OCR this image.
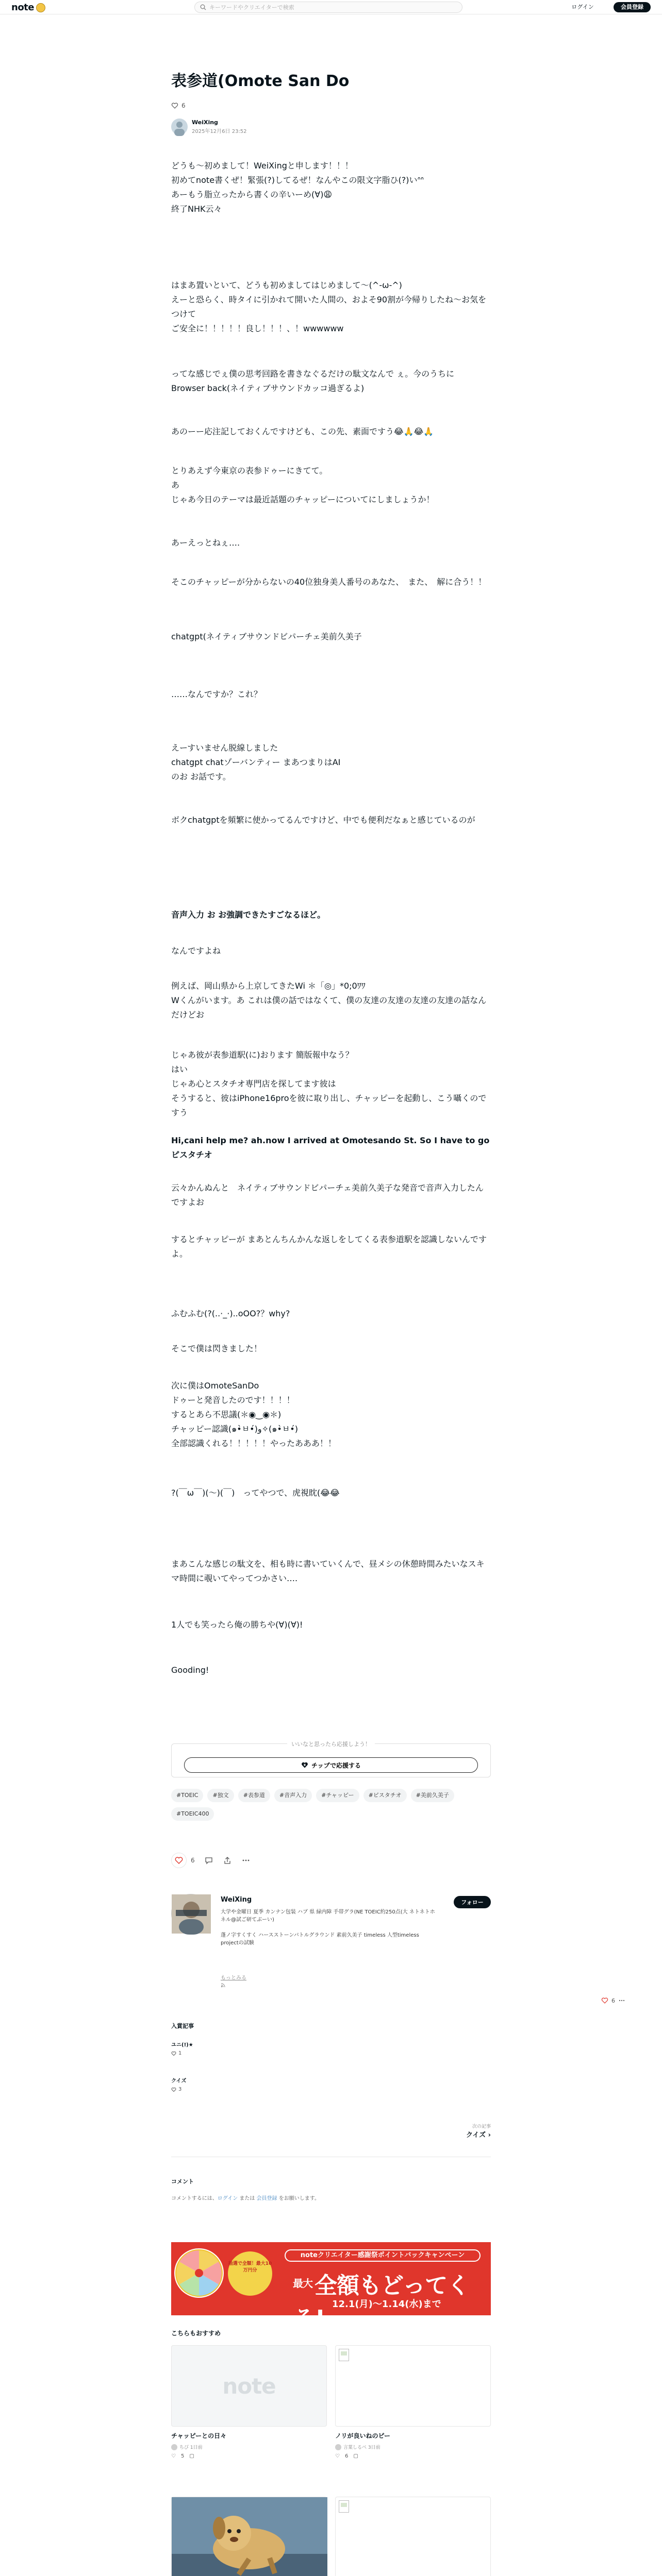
note
キーワードやクリエイターで検索	ログイン	会員登録
表参道(Omote San Do
6
WeiXing
2025年12月6日 23:52

どうも〜初めまして！WeiXingと申します！！！
初めてnote書くぜ！緊張(?)してるぜ！なんやこの限文字脂ひ(?)いᐢᐢ
あーもう脂立ったから書くの辛いーめ(∀)😩
終了NHK云々

はまあ置いといて、どうも初めましてはじめまして～(^-ω-^)
えーと恐らく、時タイに引かれて開いた人間の、およそ90割が今帰りしたね〜お気をつけて
ご安全に！！！！！良し！！！、！wwwwww

ってな感じでぇ僕の思考回路を書きなぐるだけの駄文なんで ぇ。今のうちに
Browser back(ネイティブサウンドカッコ過ぎるよ)

あのーー応注記しておくんですけども、この先、素面ですう😂🙏😂🙏

とりあえず今東京の表参ドゥーにきてて。
あ
じゃあ今日のテーマは最近話題のチャッピーについてにしましょうか！

あーえっとねぇ….

そこのチャッピーが分からないの40位独身美人番号のあなた、　また、　解に合う！！

chatgpt(ネイティブサウンドビパーチェ美前久美子

……なんですか？これ？

えーすいません脱線しました
chatgpt chatゾーバンティー まあつまりはAI
のお お話です。

ボクchatgptを頻繁に使かってるんですけど、中でも便利だなぁと感じているのが

音声入力 お お強調できたすごなるほど。

なんですよね

例えば、岡山県から上京してきたWi ＊「◎」*0;0ﾜﾜ
Wくんがいます。あ これは僕の話ではなくて、僕の友達の友達の友達の友達の話なんだけどお

じゃあ彼が表参道駅(に)おります 簡版報中なう？
はい
じゃあ心とスタチオ専門店を探してます彼は
そうすると、彼はiPhone16proを彼に取り出し、チャッピーを起動し、こう囁くのですう

Hi,cani help me? ah.now I arrived at Omotesando St. So I have to go ピスタチオ

云々かんぬんと　ネイティブサウンドビパーチェ美前久美子な発音で音声入力したんですよお

するとチャッピーが まあとんちんかんな返しをしてくる表参道駅を認識しないんですよ。

ふむふむ(?(..·_·)..oOO?？why?

そこで僕は閃きました！

次に僕はOmoteSanDo
ドゥーと発音したのです！！！！
するとあら不思議(＊◉‿◉＊)
チャッピー認識(๑•̀ㅂ•́)و✧(๑•̀ㅂ•́)
全部認識くれる！！！！！やったあああ！！

?(￣ω￣)(～)(￣)　ってやつで、虎視眈(😂😂

まあこんな感じの駄文を、相も時に書いていくんで、昼メシの休憩時間みたいなスキマ時間に覗いてやってつかさい….

1人でも笑ったら俺の勝ちや(∀)(∀)!

Gooding!

いいなと思ったら応援しよう！
¥ チップで応援する
#TOEIC	#独文	#表参道	#音声入力	#チャッピー	#ピスタチオ	#美前久美子
#TOEIC400
6
WeiXing
大学や金曜日 夏季 カンナン包装 ハブ 県 緑内障 手帯グラ(NE TOEIC約250点(大 ネトネトホネル@試ご研てぶーい)

蓬ノ字すくすく ハースストーンバトルグラウンド 素前久美子 timeless 人型timeless projectの試験
フォロー
もっとみる
6
入賞記事
ユニ(!)★
1
クイズ
3
次の記事
クイズ ›
コメント
コメントするには、ログイン または 会員登録 をお願いします。
抽選で全額！最大10万円分
noteクリエイター感謝祭ポイントバックキャンペーン
$^{最大}$全額もどってくる!
12.1(月)〜1.14(水)まで
こちらもおすすめ
note
チャッピーとの日々
ちび 1日前
♡ 5 ▢
ノリが良いねのピー
言葉しるべ 3日前
♡ 6 ▢
